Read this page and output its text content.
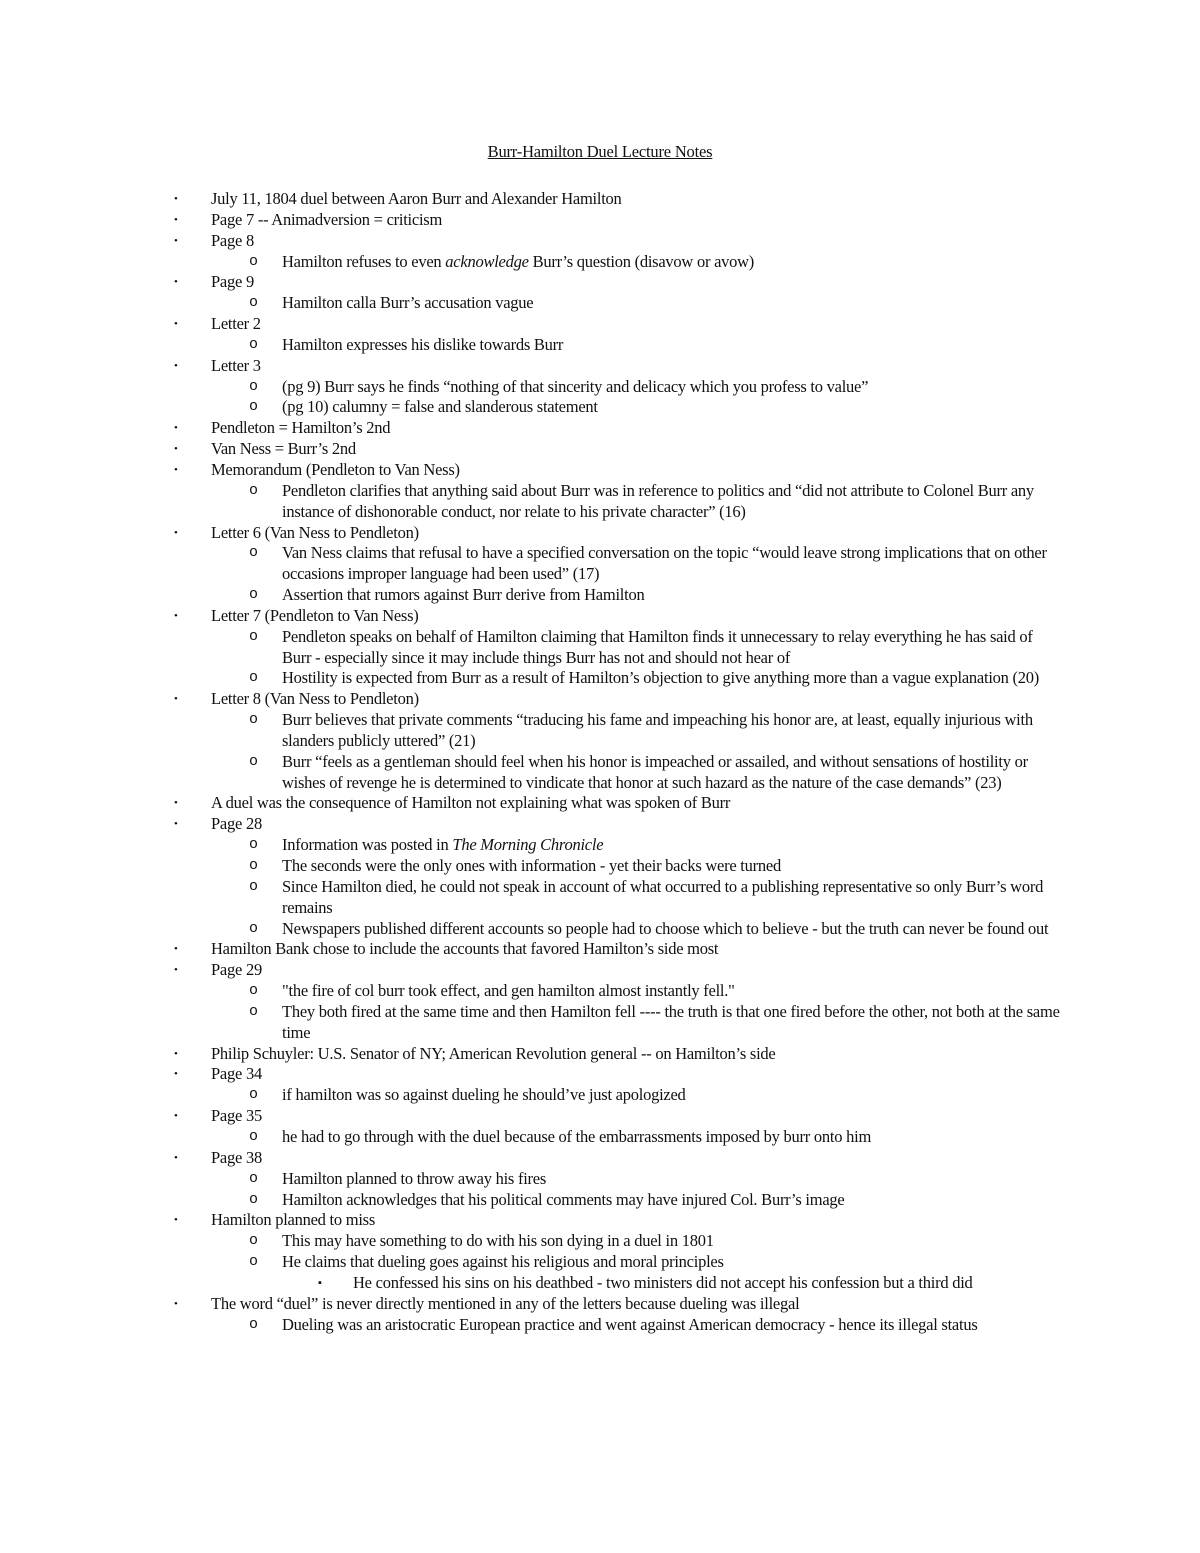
Burr-Hamilton Duel Lecture Notes
• July 11, 1804 duel between Aaron Burr and Alexander Hamilton
• Page 7 -- Animadversion = criticism
• Page 8
o Hamilton refuses to even acknowledge Burr’s question (disavow or avow)
• Page 9
o Hamilton calla Burr’s accusation vague
• Letter 2
o Hamilton expresses his dislike towards Burr
• Letter 3
o (pg 9) Burr says he finds “nothing of that sincerity and delicacy which you profess to value”
o (pg 10) calumny = false and slanderous statement
• Pendleton = Hamilton’s 2nd
• Van Ness = Burr’s 2nd
• Memorandum (Pendleton to Van Ness)
o Pendleton clarifies that anything said about Burr was in reference to politics and “did not attribute to Colonel Burr any instance of dishonorable conduct, nor relate to his private character” (16)
• Letter 6 (Van Ness to Pendleton)
o Van Ness claims that refusal to have a specified conversation on the topic “would leave strong implications that on other occasions improper language had been used” (17)
o Assertion that rumors against Burr derive from Hamilton
• Letter 7 (Pendleton to Van Ness)
o Pendleton speaks on behalf of Hamilton claiming that Hamilton finds it unnecessary to relay everything he has said of Burr - especially since it may include things Burr has not and should not hear of
o Hostility is expected from Burr as a result of Hamilton’s objection to give anything more than a vague explanation (20)
• Letter 8 (Van Ness to Pendleton)
o Burr believes that private comments “traducing his fame and impeaching his honor are, at least, equally injurious with slanders publicly uttered” (21)
o Burr “feels as a gentleman should feel when his honor is impeached or assailed, and without sensations of hostility or wishes of revenge he is determined to vindicate that honor at such hazard as the nature of the case demands” (23)
• A duel was the consequence of Hamilton not explaining what was spoken of Burr
• Page 28
o Information was posted in The Morning Chronicle
o The seconds were the only ones with information - yet their backs were turned
o Since Hamilton died, he could not speak in account of what occurred to a publishing representative so only Burr’s word remains
o Newspapers published different accounts so people had to choose which to believe - but the truth can never be found out
• Hamilton Bank chose to include the accounts that favored Hamilton’s side most
• Page 29
o "the fire of col burr took effect, and gen hamilton almost instantly fell."
o They both fired at the same time and then Hamilton fell ---- the truth is that one fired before the other, not both at the same time
• Philip Schuyler: U.S. Senator of NY; American Revolution general -- on Hamilton’s side
• Page 34
o if hamilton was so against dueling he should’ve just apologized
• Page 35
o he had to go through with the duel because of the embarrassments imposed by burr onto him
• Page 38
o Hamilton planned to throw away his fires
o Hamilton acknowledges that his political comments may have injured Col. Burr’s image
• Hamilton planned to miss
o This may have something to do with his son dying in a duel in 1801
o He claims that dueling goes against his religious and moral principles
▪ He confessed his sins on his deathbed - two ministers did not accept his confession but a third did
• The word “duel” is never directly mentioned in any of the letters because dueling was illegal
o Dueling was an aristocratic European practice and went against American democracy - hence its illegal status
